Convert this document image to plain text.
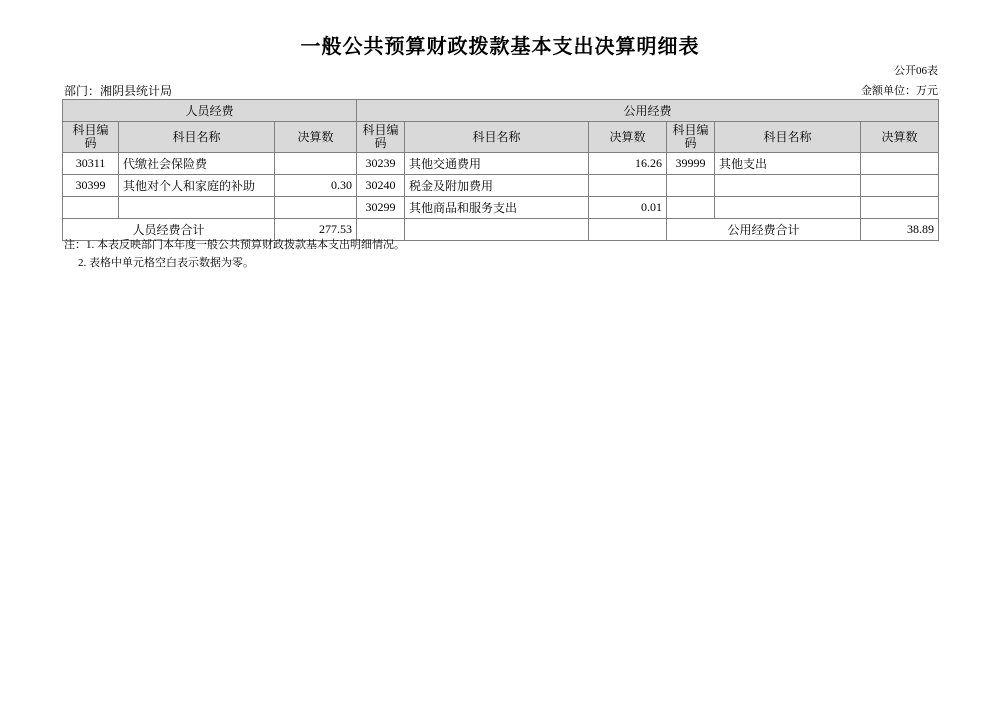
一般公共预算财政拨款基本支出决算明细表
公开06表
金额单位：万元
部门：湘阴县统计局
人员经费			公用经费					
科目编码	科目名称	决算数	科目编码	科目名称	决算数	科目编码	科目名称	决算数
30311	代缴社会保险费		30239	其他交通费用	16.26	39999	其他支出	
30399	其他对个人和家庭的补助	0.30	30240	税金及附加费用				
			30299	其他商品和服务支出	0.01			
人员经费合计		277.53				公用经费合计		38.89
注：1. 本表反映部门本年度一般公共预算财政拨款基本支出明细情况。
2. 表格中单元格空白表示数据为零。
